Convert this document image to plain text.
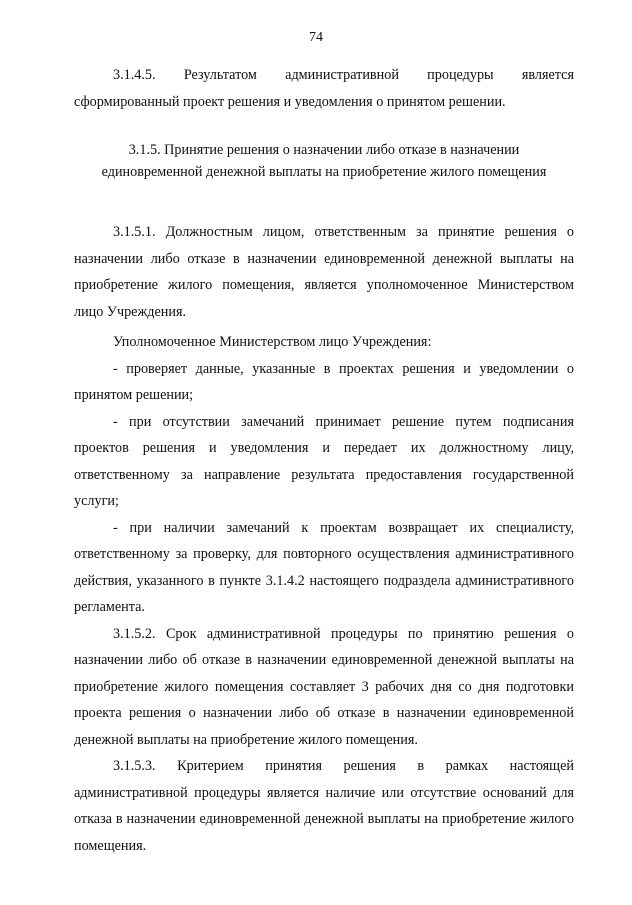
74

3.1.4.5. Результатом административной процедуры является сформированный проект решения и уведомления о принятом решении.

3.1.5. Принятие решения о назначении либо отказе в назначении единовременной денежной выплаты на приобретение жилого помещения

3.1.5.1. Должностным лицом, ответственным за принятие решения о назначении либо отказе в назначении единовременной денежной выплаты на приобретение жилого помещения, является уполномоченное Министерством лицо Учреждения.

Уполномоченное Министерством лицо Учреждения:

- проверяет данные, указанные в проектах решения и уведомлении о принятом решении;

- при отсутствии замечаний принимает решение путем подписания проектов решения и уведомления и передает их должностному лицу, ответственному за направление результата предоставления государственной услуги;

- при наличии замечаний к проектам возвращает их специалисту, ответственному за проверку, для повторного осуществления административного действия, указанного в пункте 3.1.4.2 настоящего подраздела административного регламента.

3.1.5.2. Срок административной процедуры по принятию решения о назначении либо об отказе в назначении единовременной денежной выплаты на приобретение жилого помещения составляет 3 рабочих дня со дня подготовки проекта решения о назначении либо об отказе в назначении единовременной денежной выплаты на приобретение жилого помещения.

3.1.5.3. Критерием принятия решения в рамках настоящей административной процедуры является наличие или отсутствие оснований для отказа в назначении единовременной денежной выплаты на приобретение жилого помещения.
